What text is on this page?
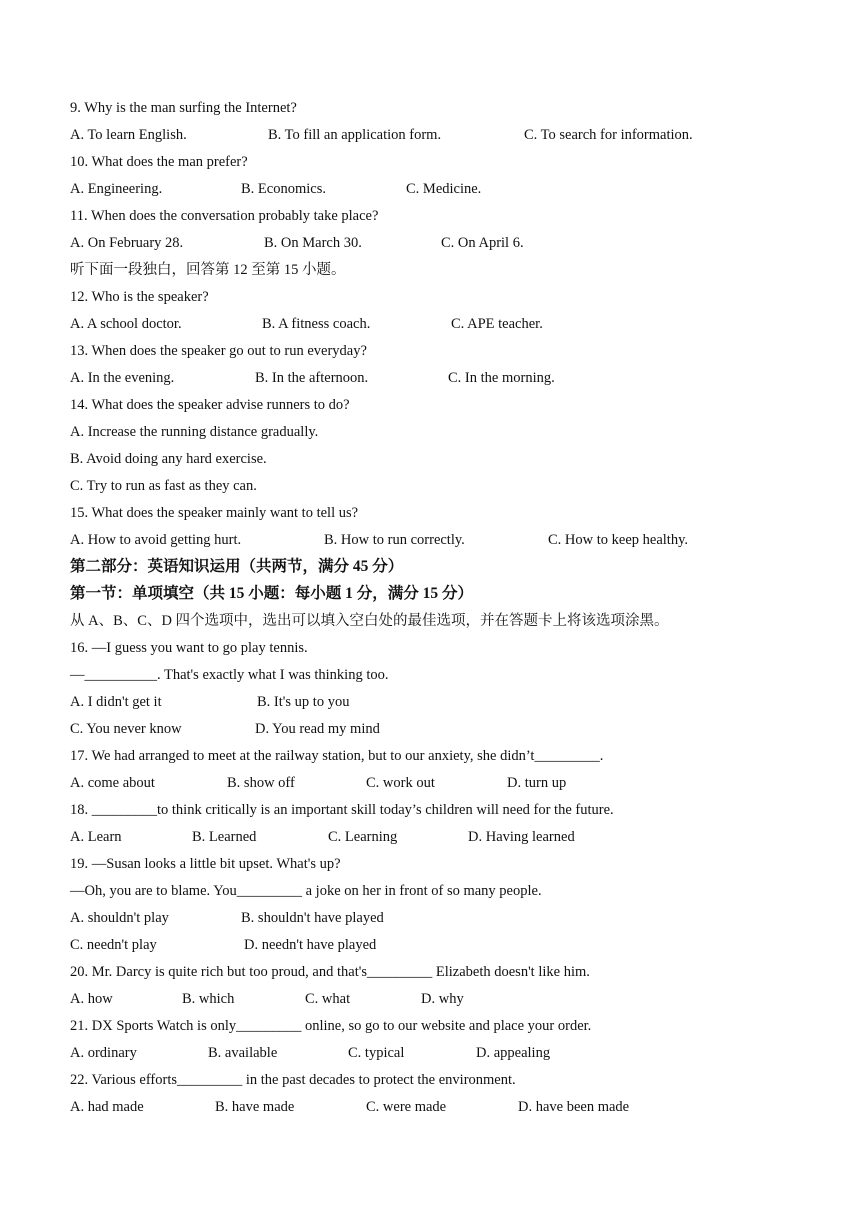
9. Why is the man surfing the Internet?
A. To learn English.	B. To fill an application form.	C. To search for information.
10. What does the man prefer?
A. Engineering.	B. Economics.	C. Medicine.
11. When does the conversation probably take place?
A. On February 28.	B. On March 30.	C. On April 6.
听下面一段独白，回答第 12 至第 15 小题。
12. Who is the speaker?
A. A school doctor.	B. A fitness coach.	C. APE teacher.
13. When does the speaker go out to run everyday?
A. In the evening.	B. In the afternoon.	C. In the morning.
14. What does the speaker advise runners to do?
A. Increase the running distance gradually.
B. Avoid doing any hard exercise.
C. Try to run as fast as they can.
15. What does the speaker mainly want to tell us?
A. How to avoid getting hurt.	B. How to run correctly.	C. How to keep healthy.
第二部分：英语知识运用（共两节，满分 45 分）
第一节：单项填空（共 15 小题：每小题 1 分，满分 15 分）
从 A、B、C、D 四个选项中，选出可以填入空白处的最佳选项，并在答题卡上将该选项涂黑。
16. —I guess you want to go play tennis.
—__________. That's exactly what I was thinking too.
A. I didn't get it	B. It's up to you
C. You never know	D. You read my mind
17. We had arranged to meet at the railway station, but to our anxiety, she didn’t_________.
A. come about	B. show off	C. work out	D. turn up
18. _________to think critically is an important skill today’s children will need for the future.
A. Learn	B. Learned	C. Learning	D. Having learned
19. —Susan looks a little bit upset. What's up?
—Oh, you are to blame. You_________ a joke on her in front of so many people.
A. shouldn't play	B. shouldn't have played
C. needn't play	D. needn't have played
20. Mr. Darcy is quite rich but too proud, and that's_________ Elizabeth doesn't like him.
A. how	B. which	C. what	D. why
21. DX Sports Watch is only_________ online, so go to our website and place your order.
A. ordinary	B. available	C. typical	D. appealing
22. Various efforts_________ in the past decades to protect the environment.
A. had made	B. have made	C. were made	D. have been made
